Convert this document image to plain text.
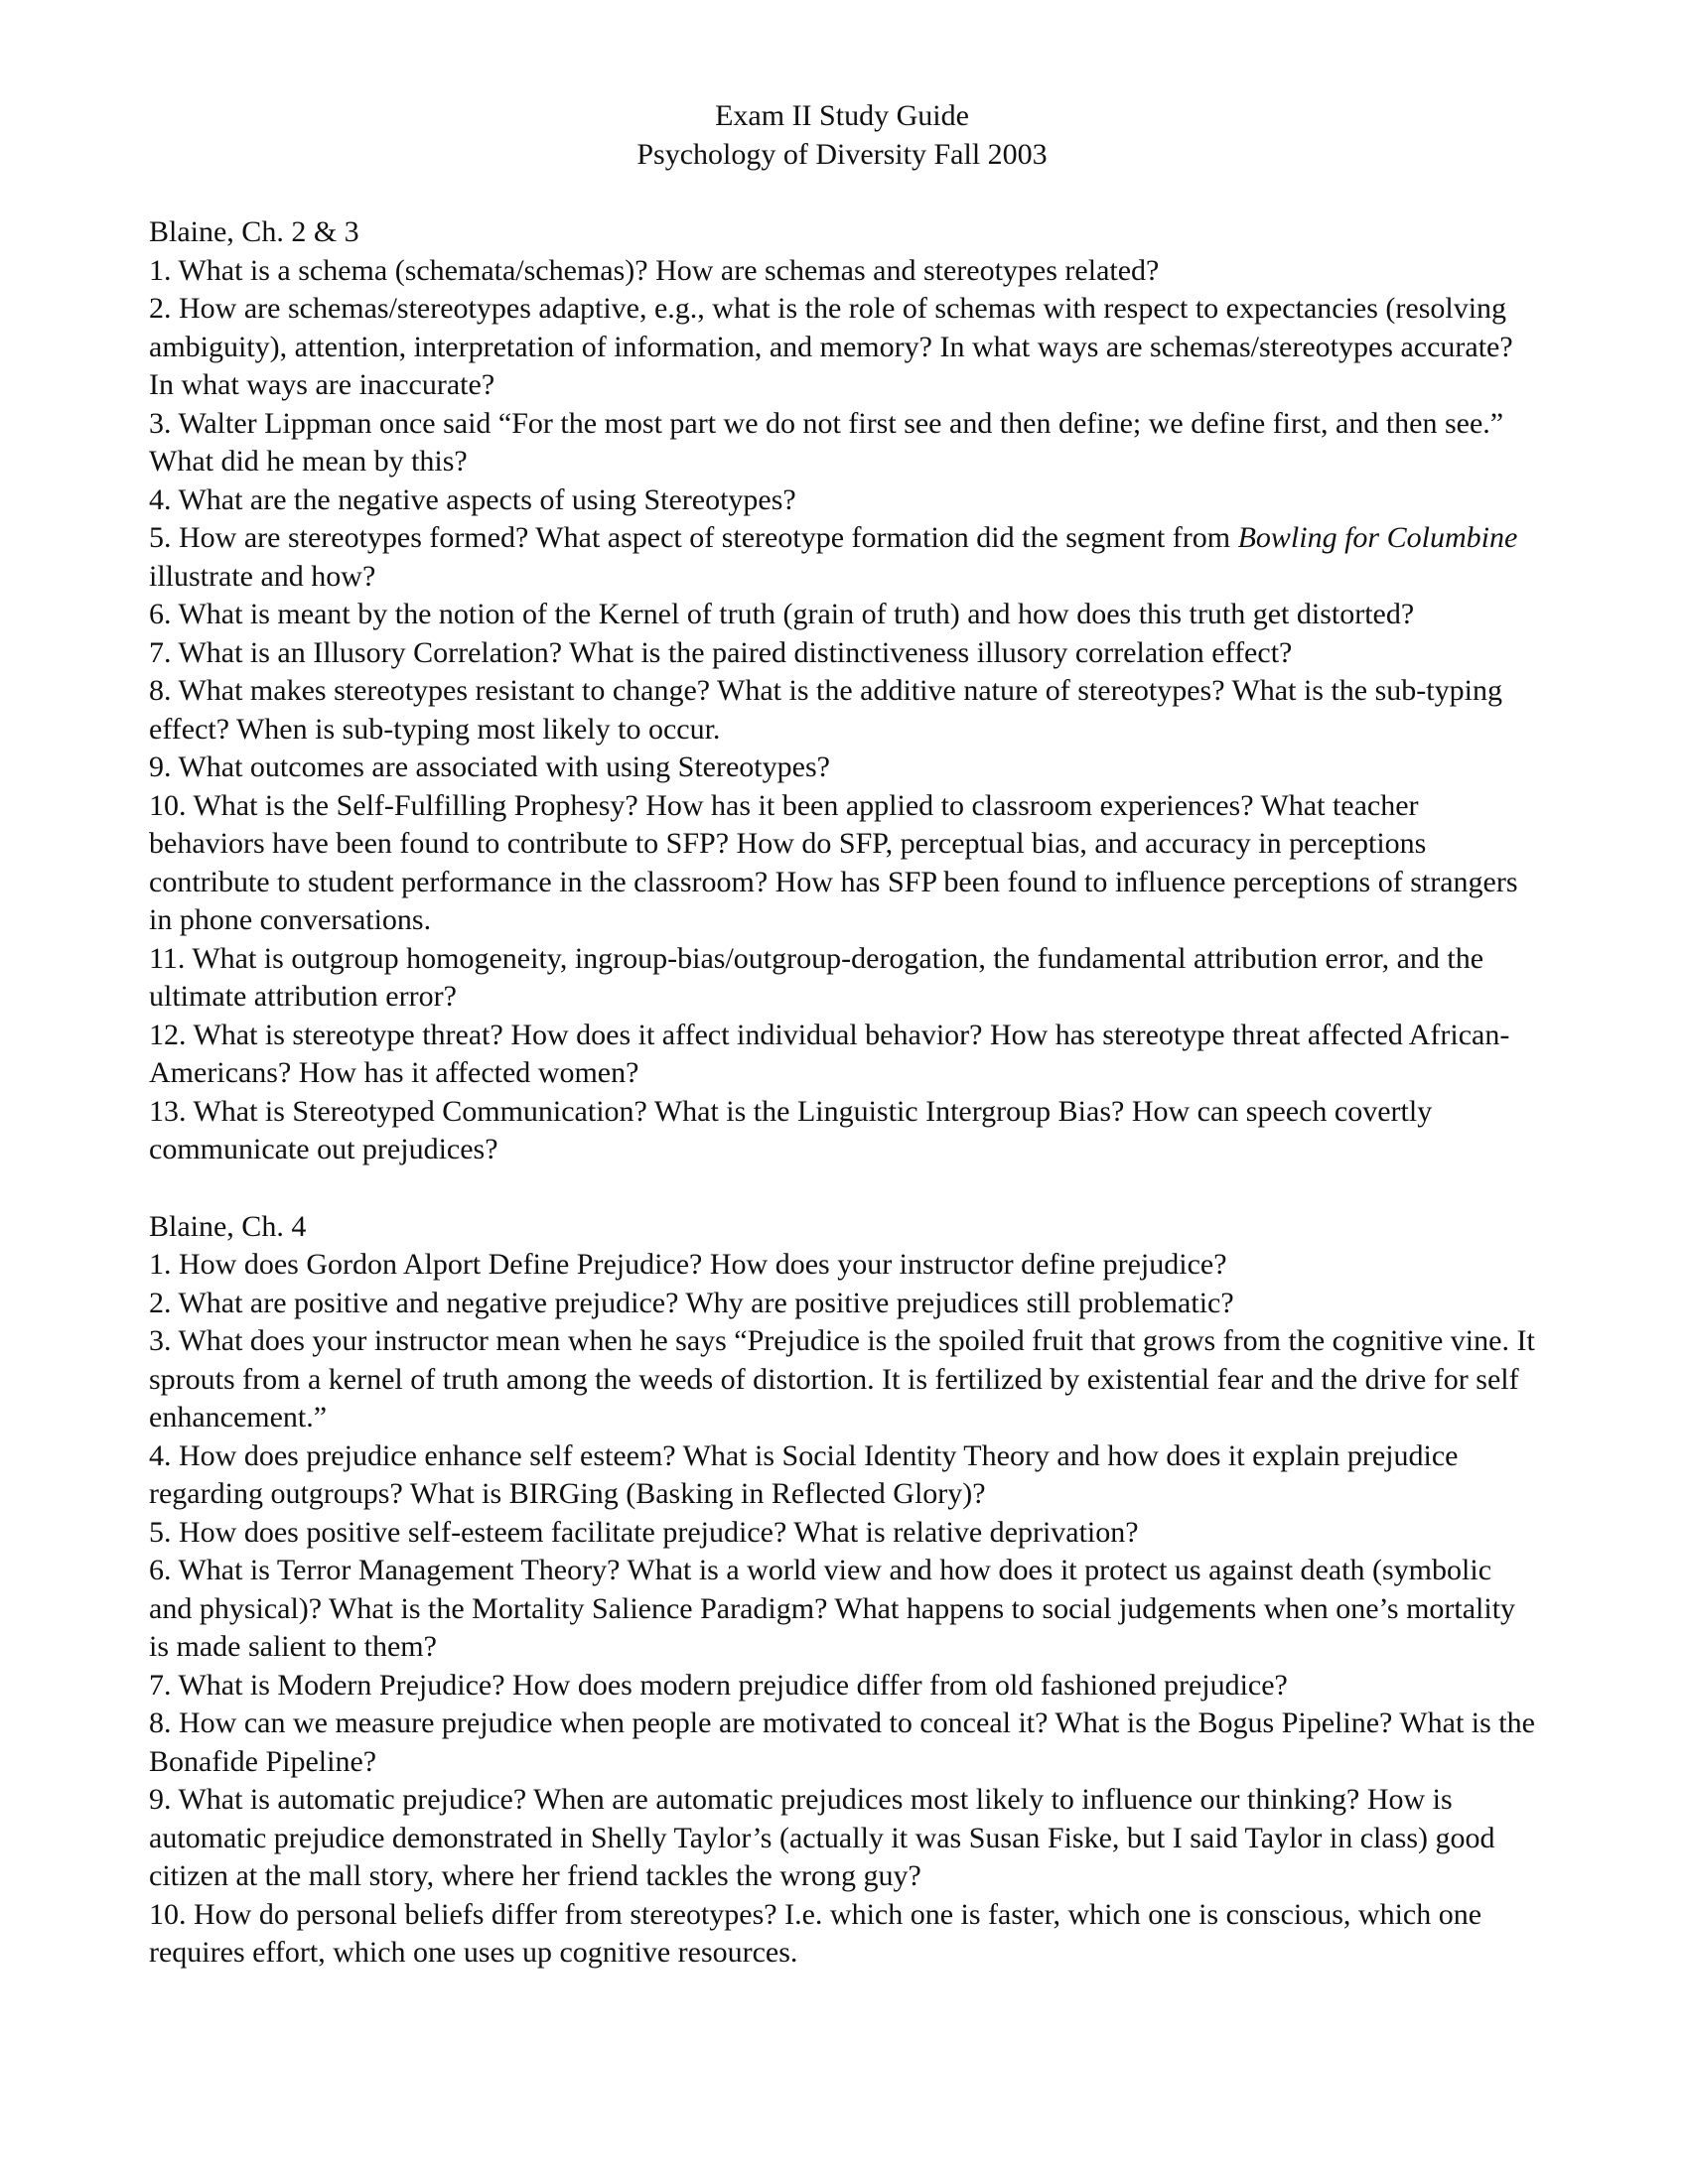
Exam II Study Guide
Psychology of Diversity Fall 2003
Blaine, Ch. 2 & 3
1. What is a schema (schemata/schemas)? How are schemas and stereotypes related?
2. How are schemas/stereotypes adaptive, e.g., what is the role of schemas with respect to expectancies (resolving ambiguity), attention, interpretation of information, and memory? In what ways are schemas/stereotypes accurate? In what ways are inaccurate?
3. Walter Lippman once said “For the most part we do not first see and then define; we define first, and then see.” What did he mean by this?
4. What are the negative aspects of using Stereotypes?
5. How are stereotypes formed? What aspect of stereotype formation did the segment from Bowling for Columbine illustrate and how?
6. What is meant by the notion of the Kernel of truth (grain of truth) and how does this truth get distorted?
7. What is an Illusory Correlation? What is the paired distinctiveness illusory correlation effect?
8. What makes stereotypes resistant to change? What is the additive nature of stereotypes? What is the sub-typing effect? When is sub-typing most likely to occur.
9. What outcomes are associated with using Stereotypes?
10. What is the Self-Fulfilling Prophesy? How has it been applied to classroom experiences? What teacher behaviors have been found to contribute to SFP? How do SFP, perceptual bias, and accuracy in perceptions contribute to student performance in the classroom? How has SFP been found to influence perceptions of strangers in phone conversations.
11. What is outgroup homogeneity, ingroup-bias/outgroup-derogation, the fundamental attribution error, and the ultimate attribution error?
12. What is stereotype threat? How does it affect individual behavior? How has stereotype threat affected African-Americans? How has it affected women?
13. What is Stereotyped Communication? What is the Linguistic Intergroup Bias? How can speech covertly communicate out prejudices?
Blaine, Ch. 4
1. How does Gordon Alport Define Prejudice? How does your instructor define prejudice?
2. What are positive and negative prejudice? Why are positive prejudices still problematic?
3. What does your instructor mean when he says “Prejudice is the spoiled fruit that grows from the cognitive vine. It sprouts from a kernel of truth among the weeds of distortion. It is fertilized by existential fear and the drive for self enhancement.”
4. How does prejudice enhance self esteem? What is Social Identity Theory and how does it explain prejudice regarding outgroups? What is BIRGing (Basking in Reflected Glory)?
5. How does positive self-esteem facilitate prejudice? What is relative deprivation?
6. What is Terror Management Theory? What is a world view and how does it protect us against death (symbolic and physical)? What is the Mortality Salience Paradigm? What happens to social judgements when one’s mortality is made salient to them?
7. What is Modern Prejudice? How does modern prejudice differ from old fashioned prejudice?
8. How can we measure prejudice when people are motivated to conceal it? What is the Bogus Pipeline? What is the Bonafide Pipeline?
9. What is automatic prejudice? When are automatic prejudices most likely to influence our thinking? How is automatic prejudice demonstrated in Shelly Taylor’s (actually it was Susan Fiske, but I said Taylor in class) good citizen at the mall story, where her friend tackles the wrong guy?
10. How do personal beliefs differ from stereotypes? I.e. which one is faster, which one is conscious, which one requires effort, which one uses up cognitive resources.
